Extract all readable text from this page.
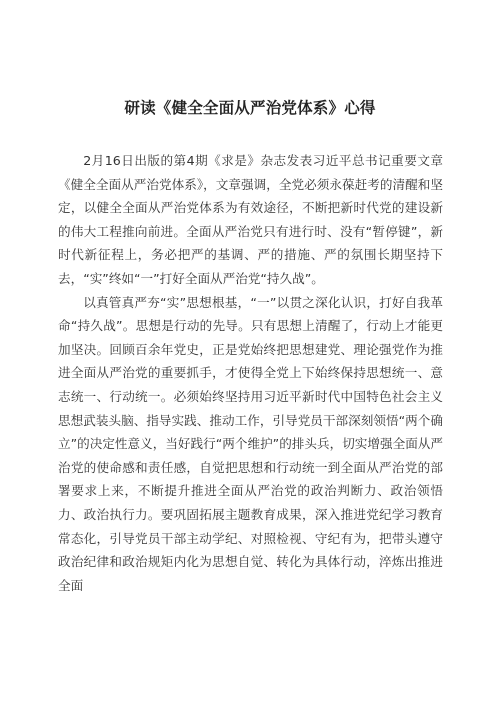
研读《健全全面从严治党体系》心得

2月16日出版的第4期《求是》杂志发表习近平总书记重要文章《健全全面从严治党体系》，文章强调，全党必须永葆赶考的清醒和坚定，以健全全面从严治党体系为有效途径，不断把新时代党的建设新的伟大工程推向前进。全面从严治党只有进行时、没有“暂停键”，新时代新征程上，务必把严的基调、严的措施、严的氛围长期坚持下去，“实”终如“一”打好全面从严治党“持久战”。

以真管真严夯“实”思想根基，“一”以贯之深化认识，打好自我革命“持久战”。思想是行动的先导。只有思想上清醒了，行动上才能更加坚决。回顾百余年党史，正是党始终把思想建党、理论强党作为推进全面从严治党的重要抓手，才使得全党上下始终保持思想统一、意志统一、行动统一。必须始终坚持用习近平新时代中国特色社会主义思想武装头脑、指导实践、推动工作，引导党员干部深刻领悟“两个确立”的决定性意义，当好践行“两个维护”的排头兵，切实增强全面从严治党的使命感和责任感，自觉把思想和行动统一到全面从严治党的部署要求上来，不断提升推进全面从严治党的政治判断力、政治领悟力、政治执行力。要巩固拓展主题教育成果，深入推进党纪学习教育常态化，引导党员干部主动学纪、对照检视、守纪有为，把带头遵守政治纪律和政治规矩内化为思想自觉、转化为具体行动，淬炼出推进全面
